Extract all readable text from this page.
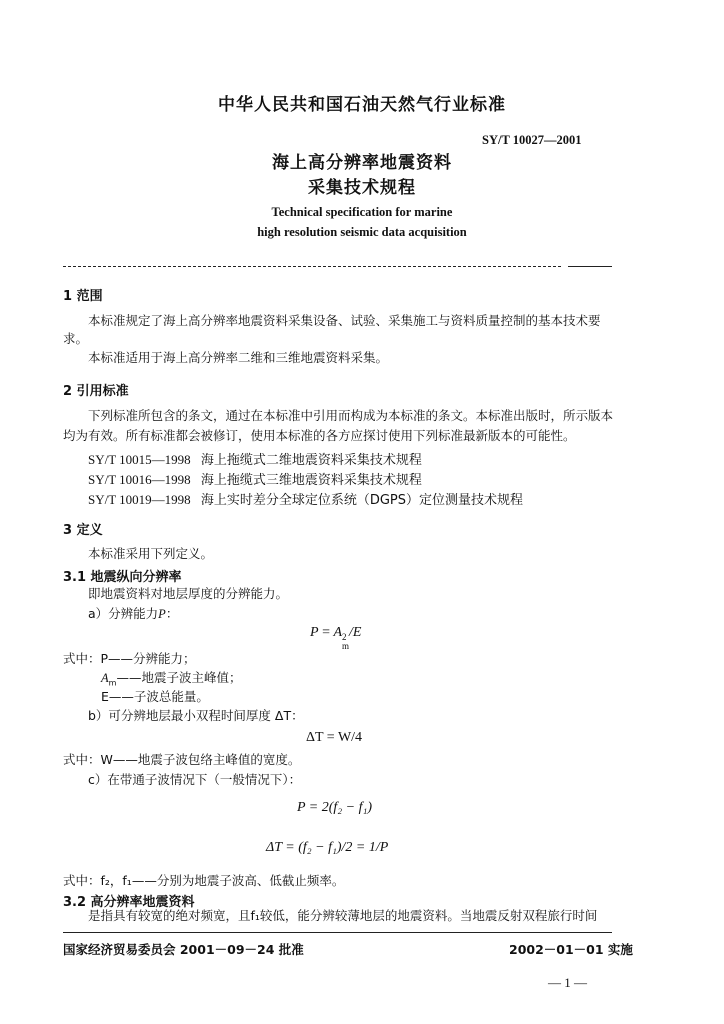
中华人民共和国石油天然气行业标准
SY/T 10027—2001
海上高分辨率地震资料
采集技术规程
Technical specification for marine
high resolution seismic data acquisition
1 范围
本标准规定了海上高分辨率地震资料采集设备、试验、采集施工与资料质量控制的基本技术要
求。
本标准适用于海上高分辨率二维和三维地震资料采集。
2 引用标准
下列标准所包含的条文，通过在本标准中引用而构成为本标准的条文。本标准出版时，所示版本
均为有效。所有标准都会被修订，使用本标准的各方应探讨使用下列标准最新版本的可能性。
SY/T 10015—1998 海上拖缆式二维地震资料采集技术规程
SY/T 10016—1998 海上拖缆式三维地震资料采集技术规程
SY/T 10019—1998 海上实时差分全球定位系统（DGPS）定位测量技术规程
3 定义
本标准采用下列定义。
3.1 地震纵向分辨率
即地震资料对地层厚度的分辨能力。
a）分辨能力P：
P = A 2
m
/E
式中：P——分辨能力；
$A_m——$地震子波主峰值；
E——子波总能量。
b）可分辨地层最小双程时间厚度 ΔT：
ΔT = W/4
式中：W——地震子波包络主峰值的宽度。
c）在带通子波情况下（一般情况下）：
P = 2(f₂ − f₁)
ΔT = (f₂ − f₁)/2 = 1/P
式中：f₂，f₁——分别为地震子波高、低截止频率。
3.2 高分辨率地震资料
是指具有较宽的绝对频宽，且f₁较低，能分辨较薄地层的地震资料。当地震反射双程旅行时间
国家经济贸易委员会 2001－09－24 批准	2002－01－01 实施
— 1 —
